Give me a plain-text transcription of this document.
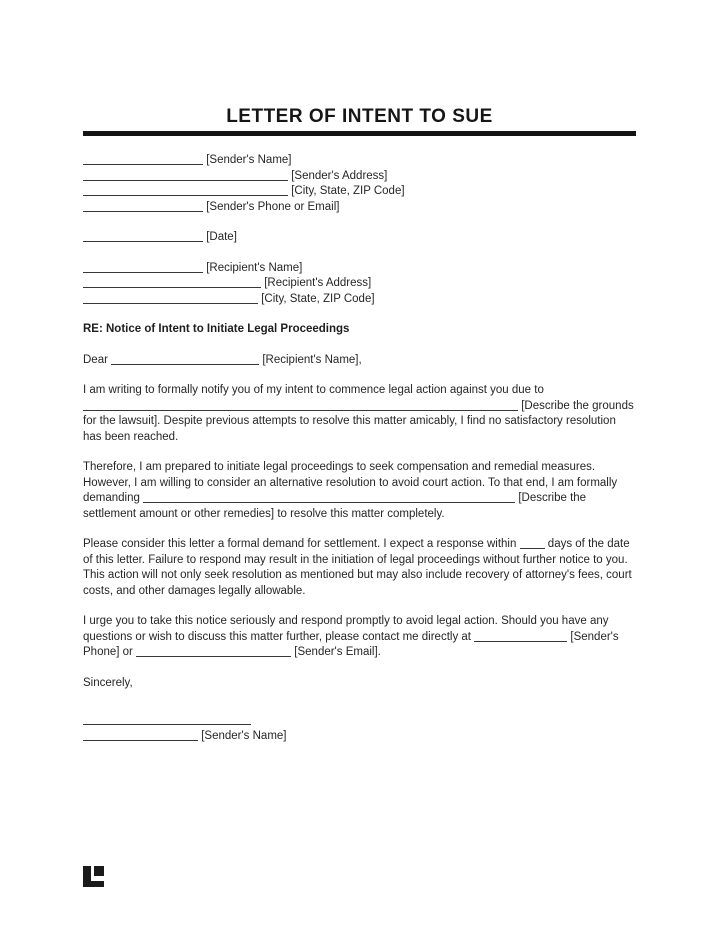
LETTER OF INTENT TO SUE
[Sender's Name]
[Sender's Address]
[City, State, ZIP Code]
[Sender's Phone or Email]
[Date]
[Recipient's Name]
[Recipient's Address]
[City, State, ZIP Code]

RE: Notice of Intent to Initiate Legal Proceedings

Dear	[Recipient's Name],

I am writing to formally notify you of my intent to commence legal action against you due to  [Describe the grounds for the lawsuit]. Despite previous attempts to resolve this matter amicably, I find no satisfactory resolution has been reached.

Therefore, I am prepared to initiate legal proceedings to seek compensation and remedial measures. However, I am willing to consider an alternative resolution to avoid court action. To that end, I am formally demanding	[Describe the settlement amount or other remedies] to resolve this matter completely.

Please consider this letter a formal demand for settlement. I expect a response within	days of the date of this letter. Failure to respond may result in the initiation of legal proceedings without further notice to you. This action will not only seek resolution as mentioned but may also include recovery of attorney's fees, court costs, and other damages legally allowable.

I urge you to take this notice seriously and respond promptly to avoid legal action. Should you have any questions or wish to discuss this matter further, please contact me directly at	[Sender's Phone] or	[Sender's Email].

Sincerely,

[Sender's Name]
